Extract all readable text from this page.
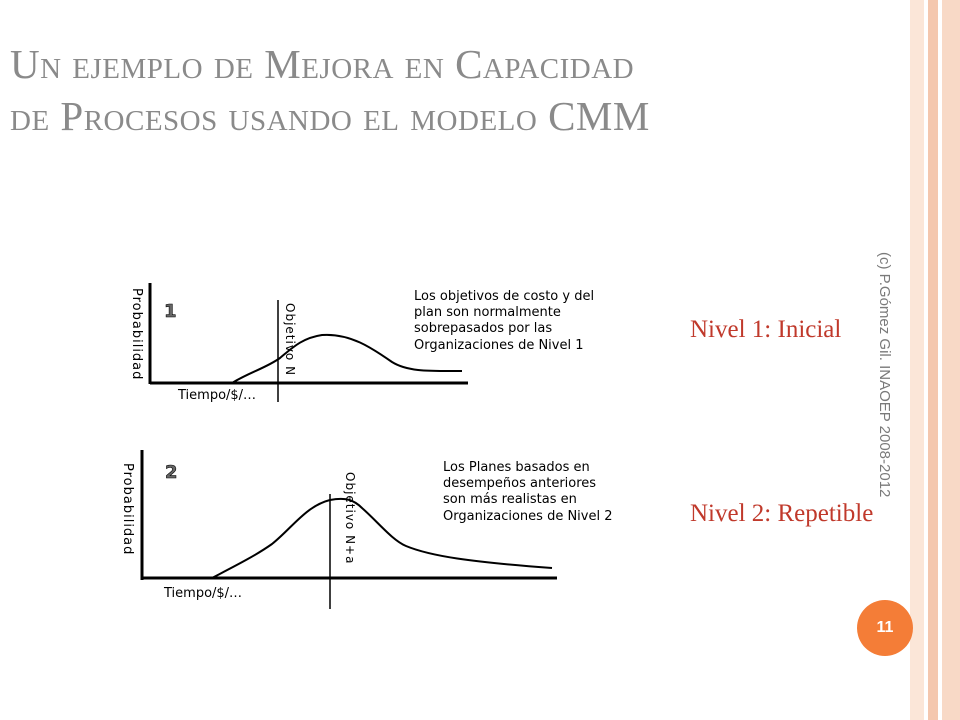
Un ejemplo de Mejora en Capacidad
de Procesos usando el modelo CMM
1
Probabilidad	Objetivo N
Tiempo/$/…
Los objetivos de costo y del plan son normalmente sobrepasados por las Organizaciones de Nivel 1
2
Probabilidad	Objetivo N+a
Tiempo/$/…
Los Planes basados en desempeños anteriores son más realistas en Organizaciones de Nivel 2
Nivel 1: Inicial
Nivel 2: Repetible
(c) P.Gómez Gil. INAOEP 2008-2012
11
